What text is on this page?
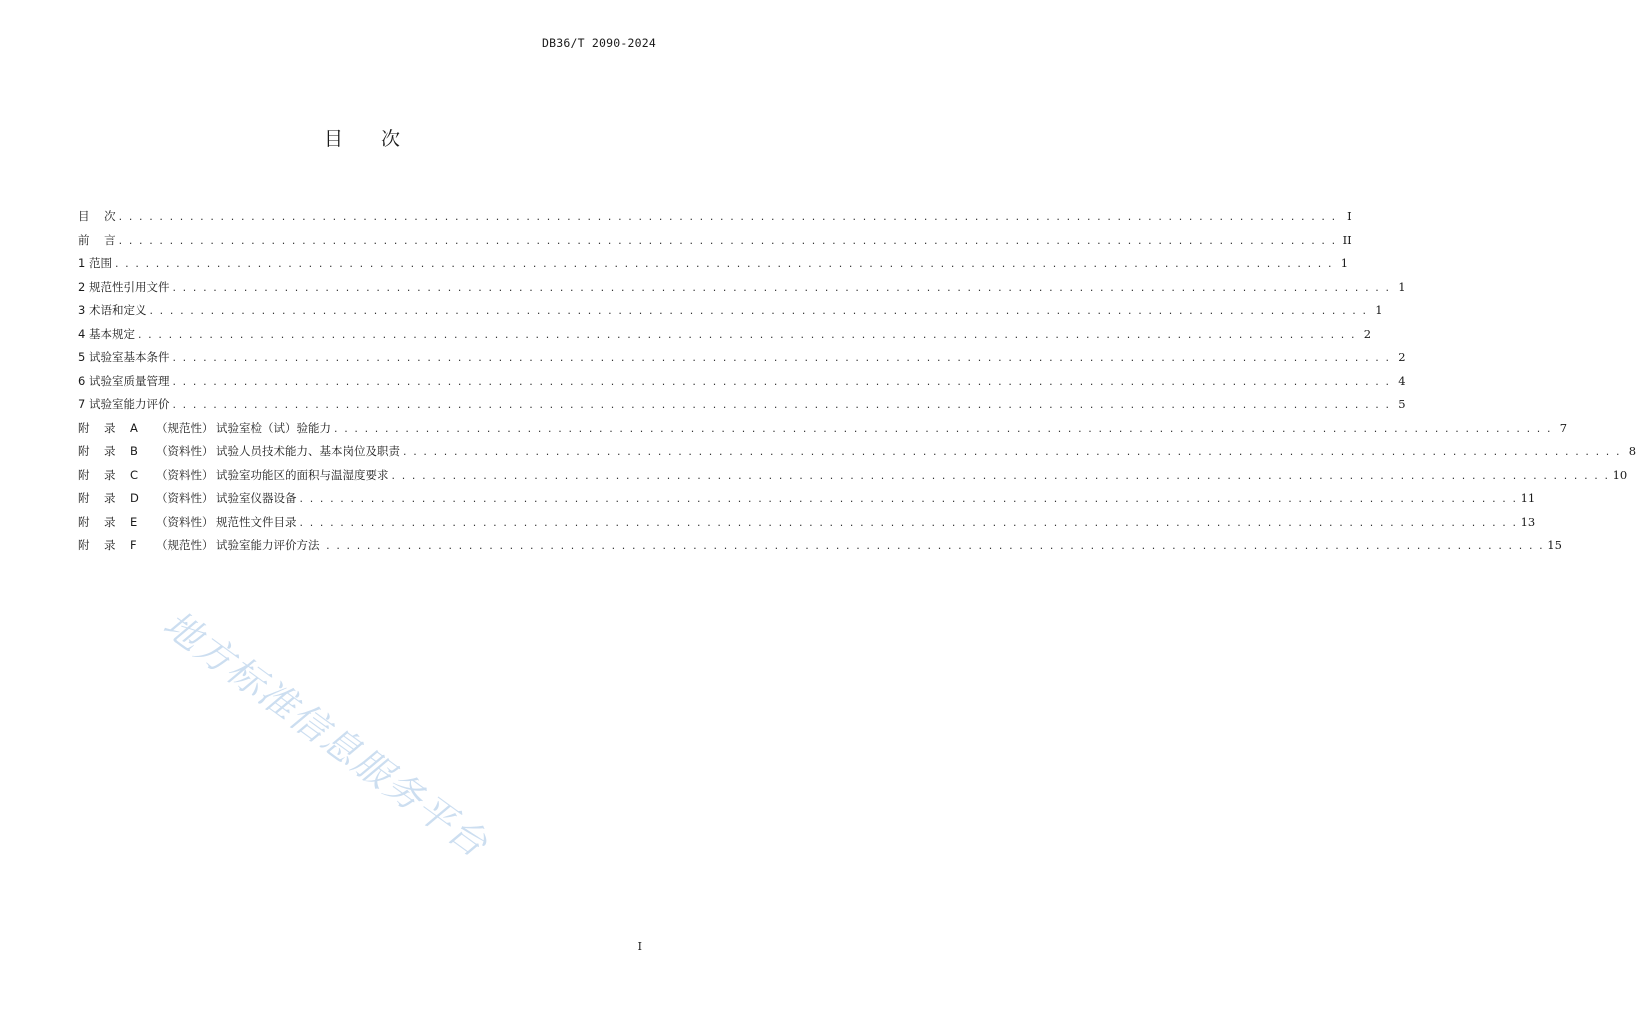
DB36/T 2090-2024
目次
目    次 . . . . . . . . . . . . . . . . . . . . . . . . . . . . . . . . . . . . . . . . . . . . . . . . . . . . . . . . . . . . . . . . . . . . . . . . . . . . . . . . . . . . . . . . . . . . . . . . . . . . . . . . . . . . . . . . . . . . . . . . I
前    言 . . . . . . . . . . . . . . . . . . . . . . . . . . . . . . . . . . . . . . . . . . . . . . . . . . . . . . . . . . . . . . . . . . . . . . . . . . . . . . . . . . . . . . . . . . . . . . . . . . . . . . . . . . . . . . . . . . . . . . . . II
1 范围 . . . . . . . . . . . . . . . . . . . . . . . . . . . . . . . . . . . . . . . . . . . . . . . . . . . . . . . . . . . . . . . . . . . . . . . . . . . . . . . . . . . . . . . . . . . . . . . . . . . . . . . . . . . . . . . . . . . . . . . . 1
2 规范性引用文件 . . . . . . . . . . . . . . . . . . . . . . . . . . . . . . . . . . . . . . . . . . . . . . . . . . . . . . . . . . . . . . . . . . . . . . . . . . . . . . . . . . . . . . . . . . . . . . . . . . . . . . . . . . . . . . . . . . . . . . . . 1
3 术语和定义 . . . . . . . . . . . . . . . . . . . . . . . . . . . . . . . . . . . . . . . . . . . . . . . . . . . . . . . . . . . . . . . . . . . . . . . . . . . . . . . . . . . . . . . . . . . . . . . . . . . . . . . . . . . . . . . . . . . . . . . . 1
4 基本规定 . . . . . . . . . . . . . . . . . . . . . . . . . . . . . . . . . . . . . . . . . . . . . . . . . . . . . . . . . . . . . . . . . . . . . . . . . . . . . . . . . . . . . . . . . . . . . . . . . . . . . . . . . . . . . . . . . . . . . . . . 2
5 试验室基本条件 . . . . . . . . . . . . . . . . . . . . . . . . . . . . . . . . . . . . . . . . . . . . . . . . . . . . . . . . . . . . . . . . . . . . . . . . . . . . . . . . . . . . . . . . . . . . . . . . . . . . . . . . . . . . . . . . . . . . . . . . 2
6 试验室质量管理 . . . . . . . . . . . . . . . . . . . . . . . . . . . . . . . . . . . . . . . . . . . . . . . . . . . . . . . . . . . . . . . . . . . . . . . . . . . . . . . . . . . . . . . . . . . . . . . . . . . . . . . . . . . . . . . . . . . . . . . . 4
7 试验室能力评价 . . . . . . . . . . . . . . . . . . . . . . . . . . . . . . . . . . . . . . . . . . . . . . . . . . . . . . . . . . . . . . . . . . . . . . . . . . . . . . . . . . . . . . . . . . . . . . . . . . . . . . . . . . . . . . . . . . . . . . . . 5
附 录 A （规范性） 试验室检（试）验能力 . . . . . . . . . . . . . . . . . . . . . . . . . . . . . . . . . . . . . . . . . . . . . . . . . . . . . . . . . . . . . . . . . . . . . . . . . . . . . . . . . . . . . . . . . . . . . . . . . . . . . . . . . . . . . . . . . . . . . . . . 7
附 录 B （资料性） 试验人员技术能力、基本岗位及职责 . . . . . . . . . . . . . . . . . . . . . . . . . . . . . . . . . . . . . . . . . . . . . . . . . . . . . . . . . . . . . . . . . . . . . . . . . . . . . . . . . . . . . . . . . . . . . . . . . . . . . . . . . . . . . . . . . . . . . . . . 8
附 录 C （资料性） 试验室功能区的面积与温湿度要求 . . . . . . . . . . . . . . . . . . . . . . . . . . . . . . . . . . . . . . . . . . . . . . . . . . . . . . . . . . . . . . . . . . . . . . . . . . . . . . . . . . . . . . . . . . . . . . . . . . . . . . . . . . . . . . . . . . . . . . . . 10
附 录 D （资料性） 试验室仪器设备 . . . . . . . . . . . . . . . . . . . . . . . . . . . . . . . . . . . . . . . . . . . . . . . . . . . . . . . . . . . . . . . . . . . . . . . . . . . . . . . . . . . . . . . . . . . . . . . . . . . . . . . . . . . . . . . . . . . . . . . . 11
附 录 E （资料性） 规范性文件目录 . . . . . . . . . . . . . . . . . . . . . . . . . . . . . . . . . . . . . . . . . . . . . . . . . . . . . . . . . . . . . . . . . . . . . . . . . . . . . . . . . . . . . . . . . . . . . . . . . . . . . . . . . . . . . . . . . . . . . . . . 13
附 录 F （规范性） 试验室能力评价方法 . . . . . . . . . . . . . . . . . . . . . . . . . . . . . . . . . . . . . . . . . . . . . . . . . . . . . . . . . . . . . . . . . . . . . . . . . . . . . . . . . . . . . . . . . . . . . . . . . . . . . . . . . . . . . . . . . . . . . . . . 15
地方标准信息服务平台
I
